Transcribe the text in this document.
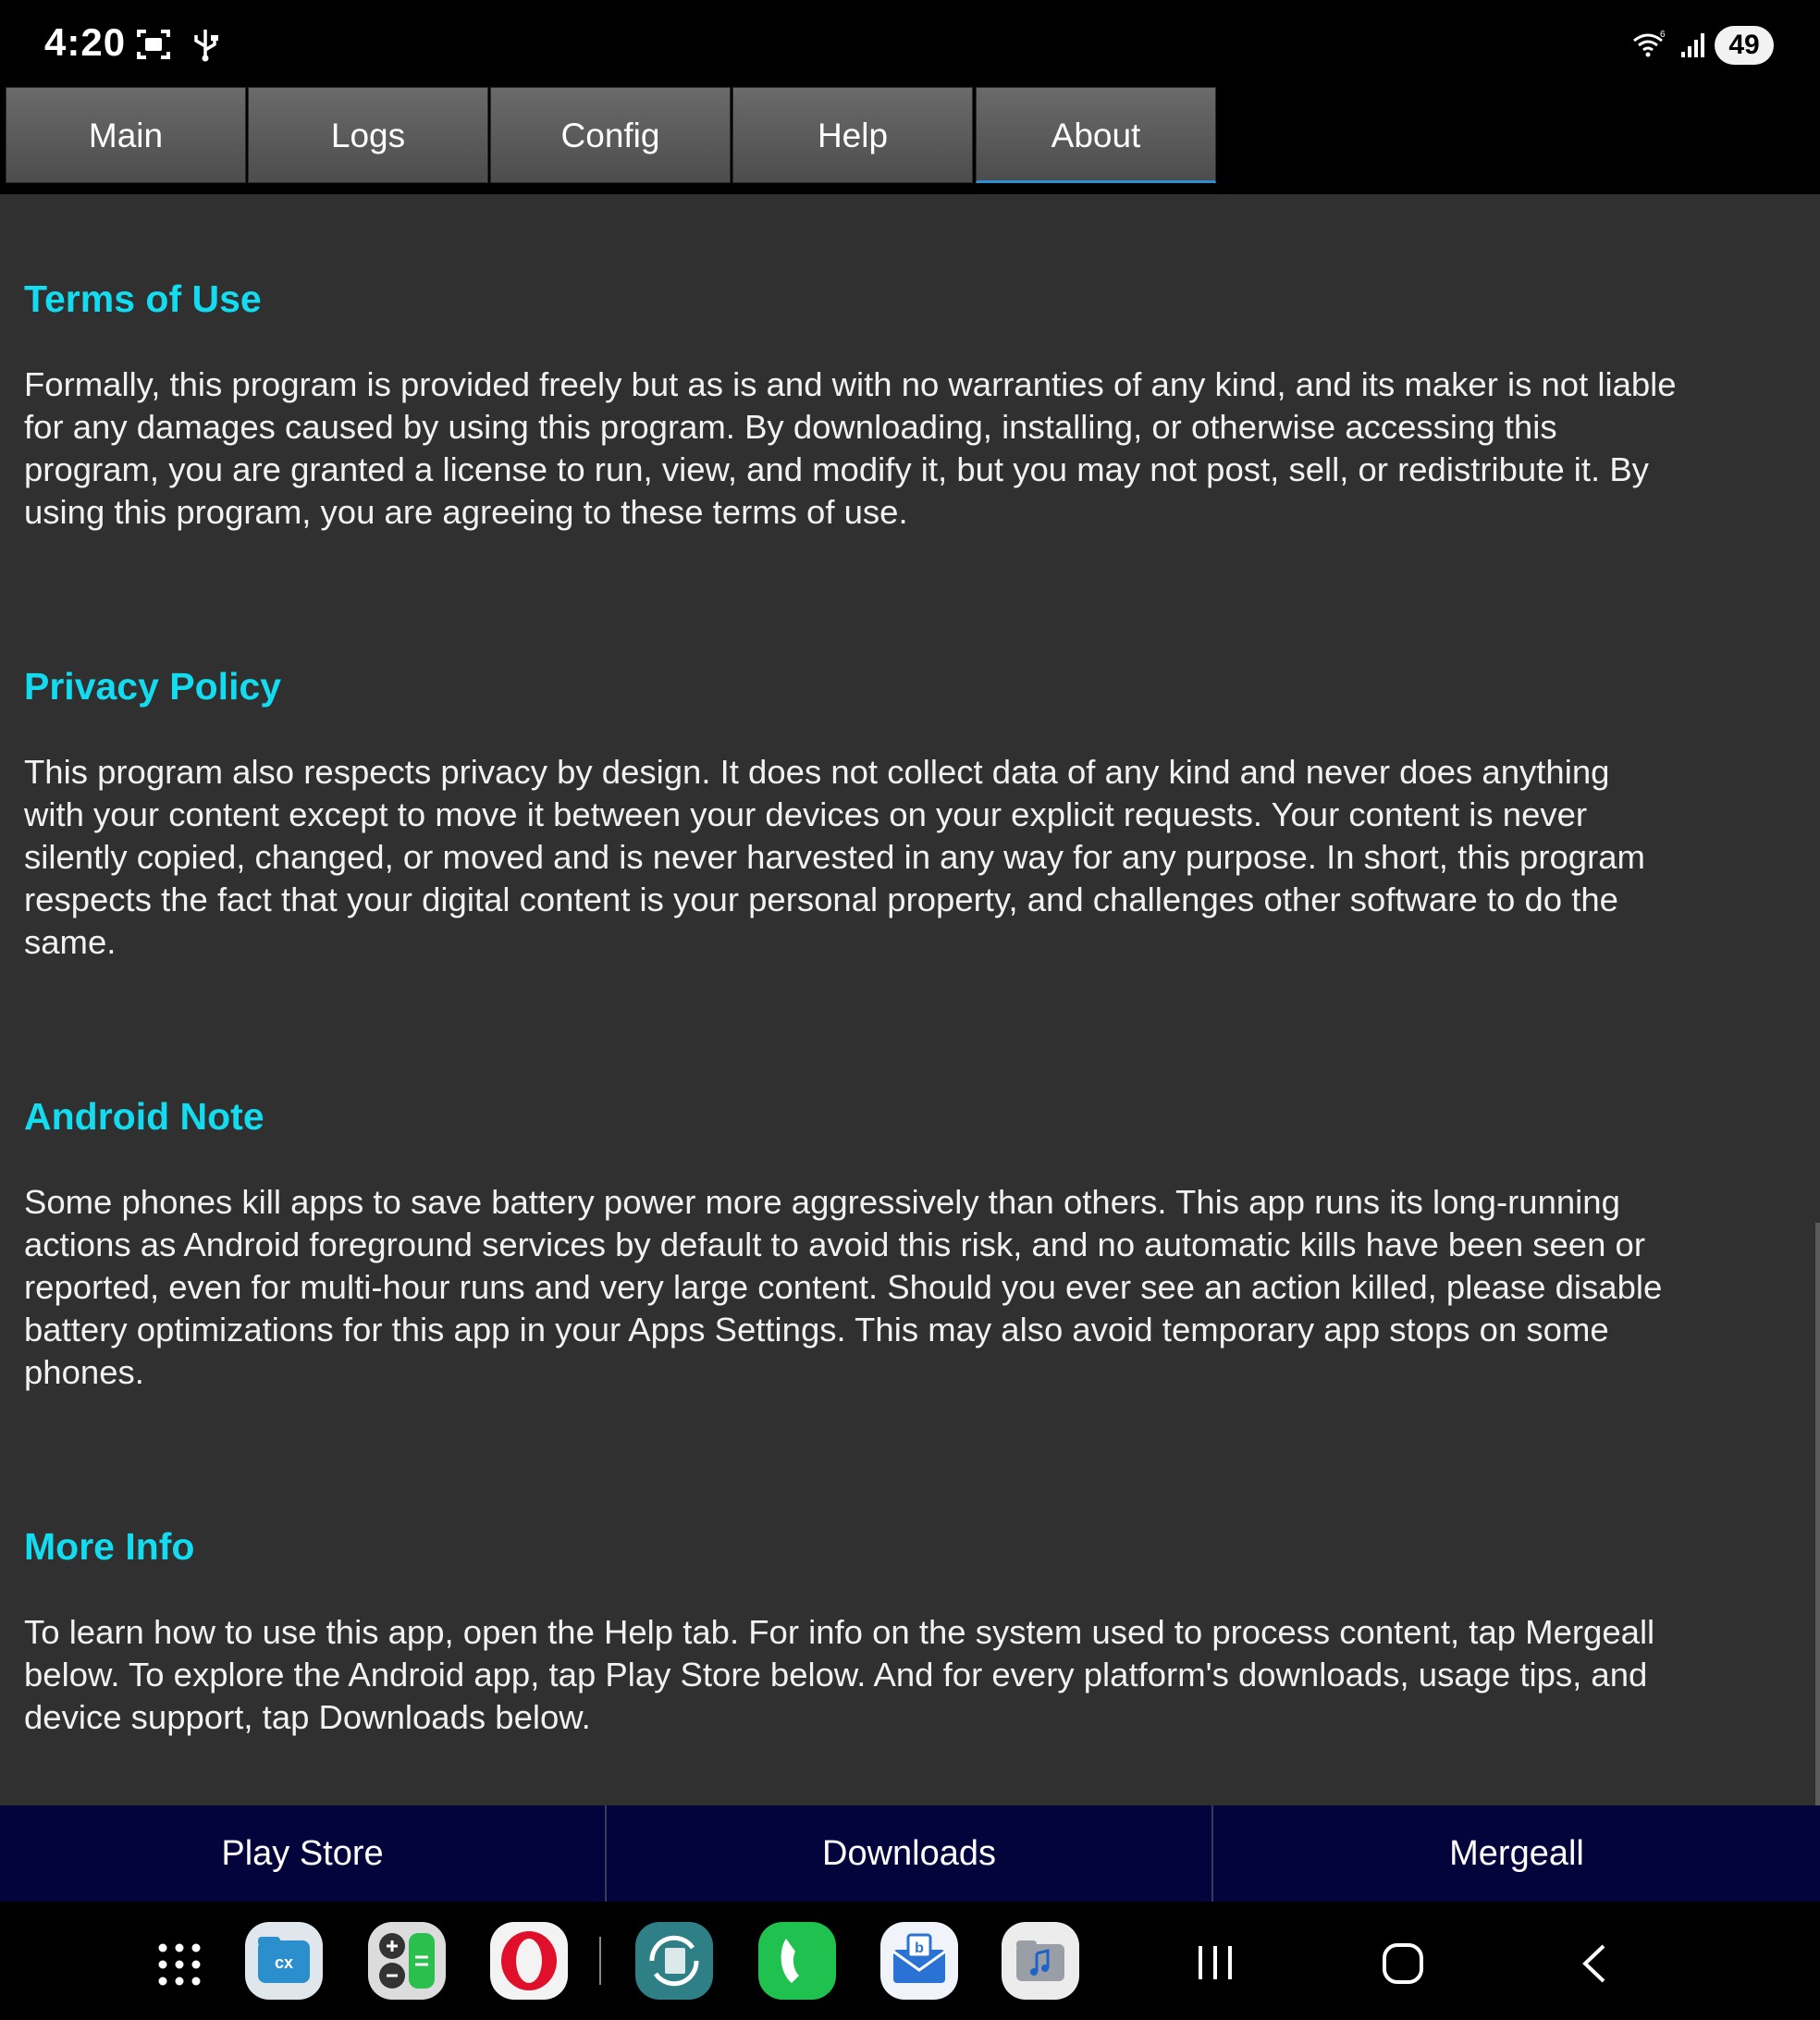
4:20	6	49
Main	Logs	Config	Help	About
Terms of Use
Formally, this program is provided freely but as is and with no warranties of any kind, and its maker is not liable
for any damages caused by using this program. By downloading, installing, or otherwise accessing this
program, you are granted a license to run, view, and modify it, but you may not post, sell, or redistribute it. By
using this program, you are agreeing to these terms of use.
Privacy Policy
This program also respects privacy by design. It does not collect data of any kind and never does anything
with your content except to move it between your devices on your explicit requests. Your content is never
silently copied, changed, or moved and is never harvested in any way for any purpose. In short, this program
respects the fact that your digital content is your personal property, and challenges other software to do the
same.
Android Note
Some phones kill apps to save battery power more aggressively than others. This app runs its long-running
actions as Android foreground services by default to avoid this risk, and no automatic kills have been seen or
reported, even for multi-hour runs and very large content. Should you ever see an action killed, please disable
battery optimizations for this app in your Apps Settings. This may also avoid temporary app stops on some
phones.
More Info
To learn how to use this app, open the Help tab. For info on the system used to process content, tap Mergeall
below. To explore the Android app, tap Play Store below. And for every platform's downloads, usage tips, and
device support, tap Downloads below.
Play Store	Downloads	Mergeall
cx
b
